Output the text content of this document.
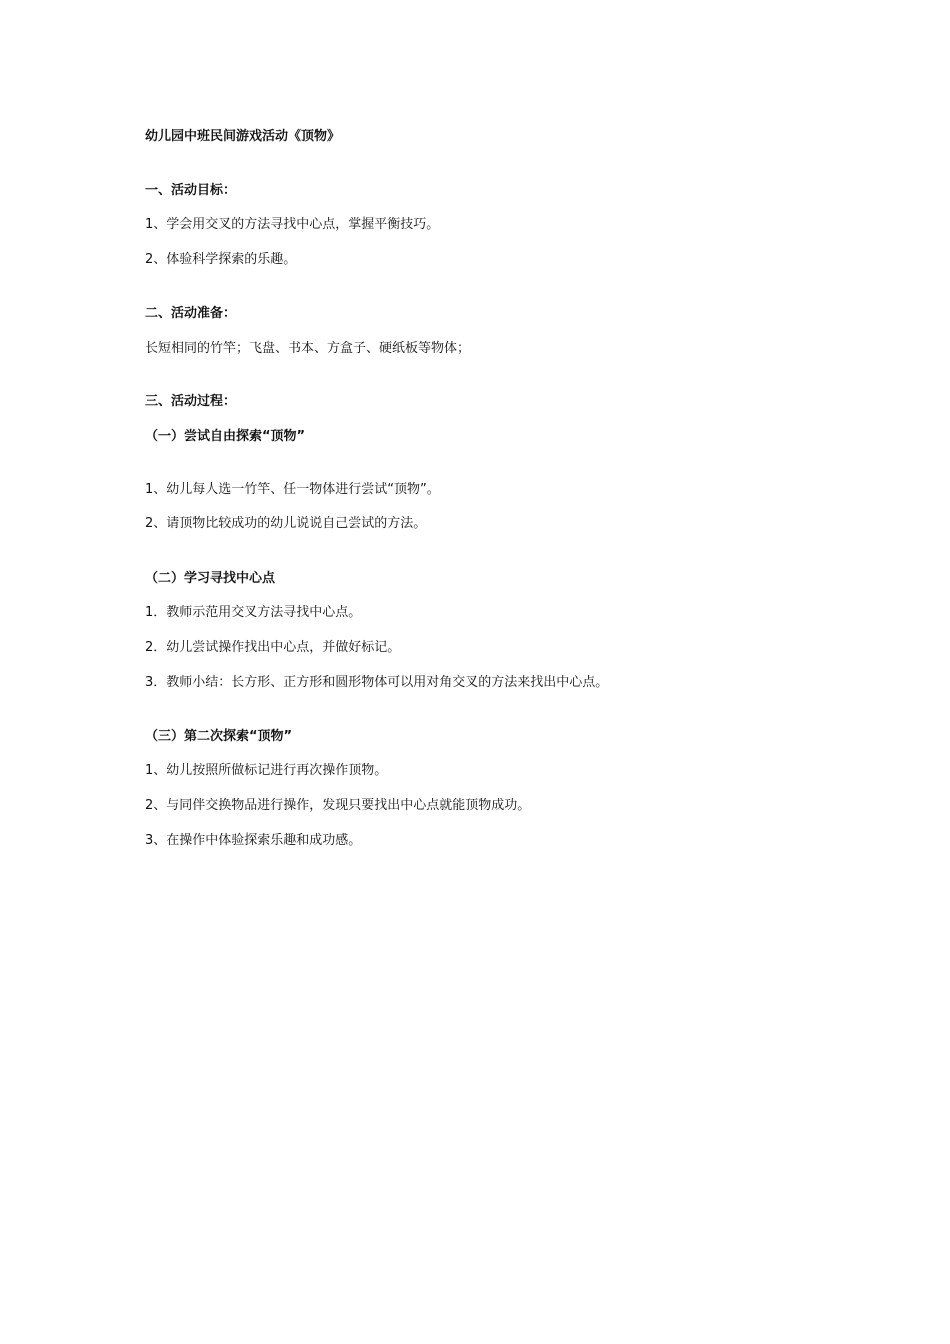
幼儿园中班民间游戏活动《顶物》
一、活动目标：
1、学会用交叉的方法寻找中心点，掌握平衡技巧。
2、体验科学探索的乐趣。
二、活动准备：
长短相同的竹竿；飞盘、书本、方盒子、硬纸板等物体；
三、活动过程：
（一）尝试自由探索“顶物”
1、幼儿每人选一竹竿、任一物体进行尝试“顶物”。
2、请顶物比较成功的幼儿说说自己尝试的方法。
（二）学习寻找中心点
1．教师示范用交叉方法寻找中心点。
2．幼儿尝试操作找出中心点，并做好标记。
3．教师小结：长方形、正方形和圆形物体可以用对角交叉的方法来找出中心点。
（三）第二次探索“顶物”
1、幼儿按照所做标记进行再次操作顶物。
2、与同伴交换物品进行操作，发现只要找出中心点就能顶物成功。
3、在操作中体验探索乐趣和成功感。
